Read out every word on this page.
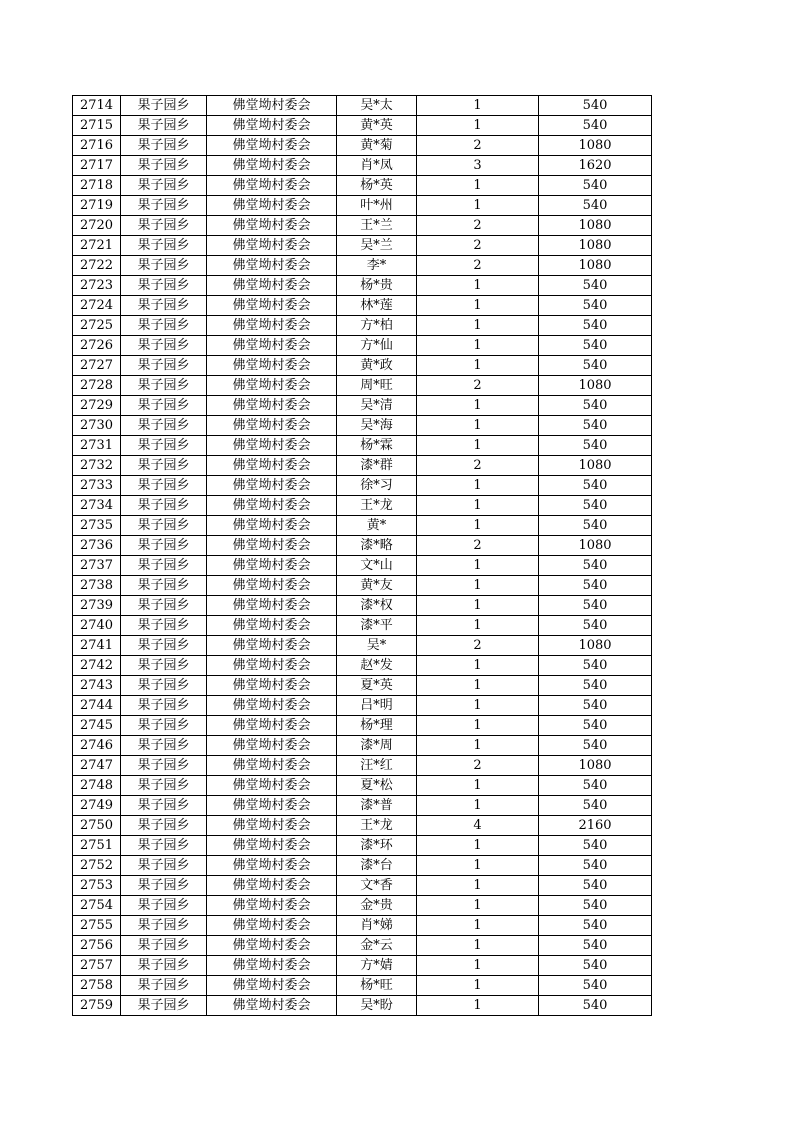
2714	果子园乡	佛堂坳村委会	吴*太	1	540
2715	果子园乡	佛堂坳村委会	黄*英	1	540
2716	果子园乡	佛堂坳村委会	黄*菊	2	1080
2717	果子园乡	佛堂坳村委会	肖*凤	3	1620
2718	果子园乡	佛堂坳村委会	杨*英	1	540
2719	果子园乡	佛堂坳村委会	叶*州	1	540
2720	果子园乡	佛堂坳村委会	王*兰	2	1080
2721	果子园乡	佛堂坳村委会	吴*兰	2	1080
2722	果子园乡	佛堂坳村委会	李*	2	1080
2723	果子园乡	佛堂坳村委会	杨*贵	1	540
2724	果子园乡	佛堂坳村委会	林*莲	1	540
2725	果子园乡	佛堂坳村委会	方*柏	1	540
2726	果子园乡	佛堂坳村委会	方*仙	1	540
2727	果子园乡	佛堂坳村委会	黄*政	1	540
2728	果子园乡	佛堂坳村委会	周*旺	2	1080
2729	果子园乡	佛堂坳村委会	吴*清	1	540
2730	果子园乡	佛堂坳村委会	吴*海	1	540
2731	果子园乡	佛堂坳村委会	杨*霖	1	540
2732	果子园乡	佛堂坳村委会	漆*群	2	1080
2733	果子园乡	佛堂坳村委会	徐*习	1	540
2734	果子园乡	佛堂坳村委会	王*龙	1	540
2735	果子园乡	佛堂坳村委会	黄*	1	540
2736	果子园乡	佛堂坳村委会	漆*略	2	1080
2737	果子园乡	佛堂坳村委会	文*山	1	540
2738	果子园乡	佛堂坳村委会	黄*友	1	540
2739	果子园乡	佛堂坳村委会	漆*权	1	540
2740	果子园乡	佛堂坳村委会	漆*平	1	540
2741	果子园乡	佛堂坳村委会	吴*	2	1080
2742	果子园乡	佛堂坳村委会	赵*发	1	540
2743	果子园乡	佛堂坳村委会	夏*英	1	540
2744	果子园乡	佛堂坳村委会	吕*明	1	540
2745	果子园乡	佛堂坳村委会	杨*理	1	540
2746	果子园乡	佛堂坳村委会	漆*周	1	540
2747	果子园乡	佛堂坳村委会	汪*红	2	1080
2748	果子园乡	佛堂坳村委会	夏*松	1	540
2749	果子园乡	佛堂坳村委会	漆*普	1	540
2750	果子园乡	佛堂坳村委会	王*龙	4	2160
2751	果子园乡	佛堂坳村委会	漆*环	1	540
2752	果子园乡	佛堂坳村委会	漆*台	1	540
2753	果子园乡	佛堂坳村委会	文*香	1	540
2754	果子园乡	佛堂坳村委会	金*贵	1	540
2755	果子园乡	佛堂坳村委会	肖*娣	1	540
2756	果子园乡	佛堂坳村委会	金*云	1	540
2757	果子园乡	佛堂坳村委会	方*婧	1	540
2758	果子园乡	佛堂坳村委会	杨*旺	1	540
2759	果子园乡	佛堂坳村委会	吴*盼	1	540
